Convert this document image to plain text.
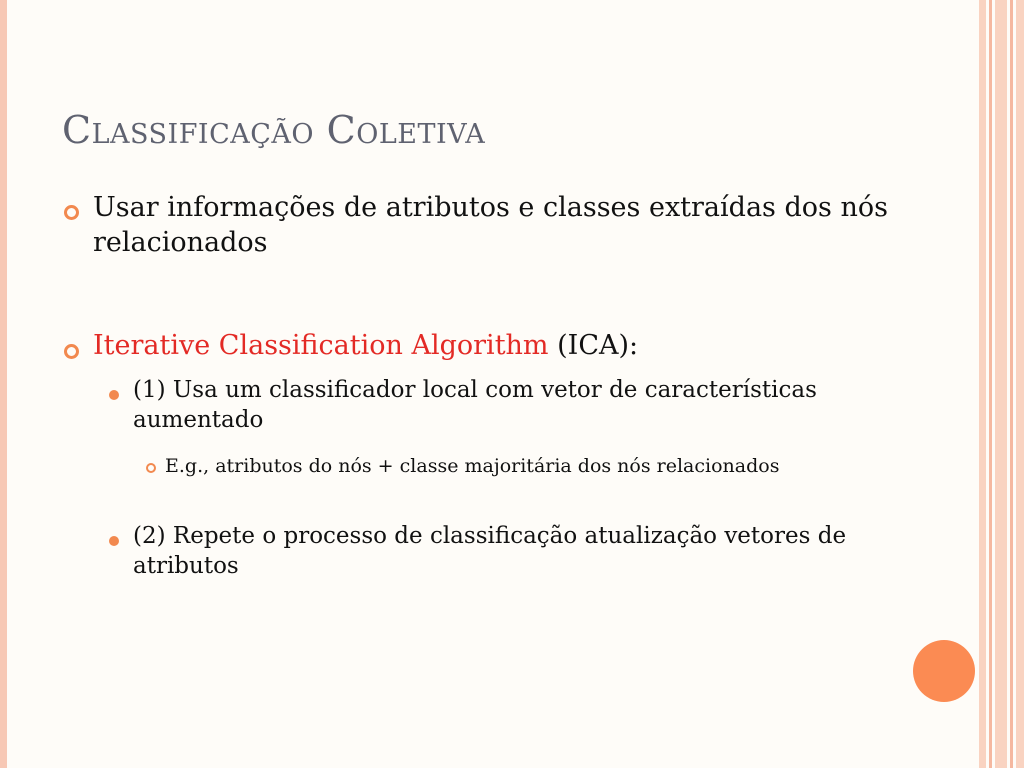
Classificação Coletiva

Usar informações de atributos e classes extraídas dos nós relacionados

Iterative Classification Algorithm (ICA):

(1) Usa um classificador local com vetor de características aumentado

E.g., atributos do nós + classe majoritária dos nós relacionados

(2) Repete o processo de classificação atualização vetores de atributos
